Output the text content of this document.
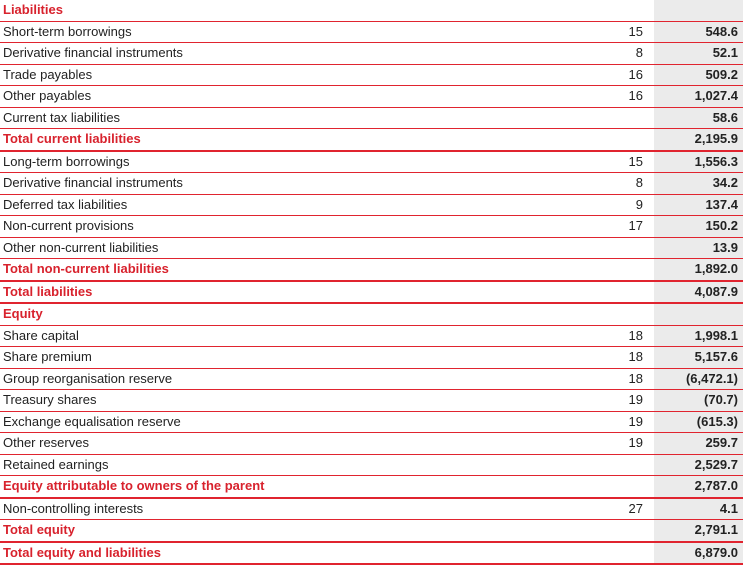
Liabilities		
Short-term borrowings	15	548.6
Derivative financial instruments	8	52.1
Trade payables	16	509.2
Other payables	16	1,027.4
Current tax liabilities		58.6
Total current liabilities		2,195.9
Long-term borrowings	15	1,556.3
Derivative financial instruments	8	34.2
Deferred tax liabilities	9	137.4
Non-current provisions	17	150.2
Other non-current liabilities		13.9
Total non-current liabilities		1,892.0
Total liabilities		4,087.9
Equity		
Share capital	18	1,998.1
Share premium	18	5,157.6
Group reorganisation reserve	18	(6,472.1)
Treasury shares	19	(70.7)
Exchange equalisation reserve	19	(615.3)
Other reserves	19	259.7
Retained earnings		2,529.7
Equity attributable to owners of the parent		2,787.0
Non-controlling interests	27	4.1
Total equity		2,791.1
Total equity and liabilities		6,879.0
